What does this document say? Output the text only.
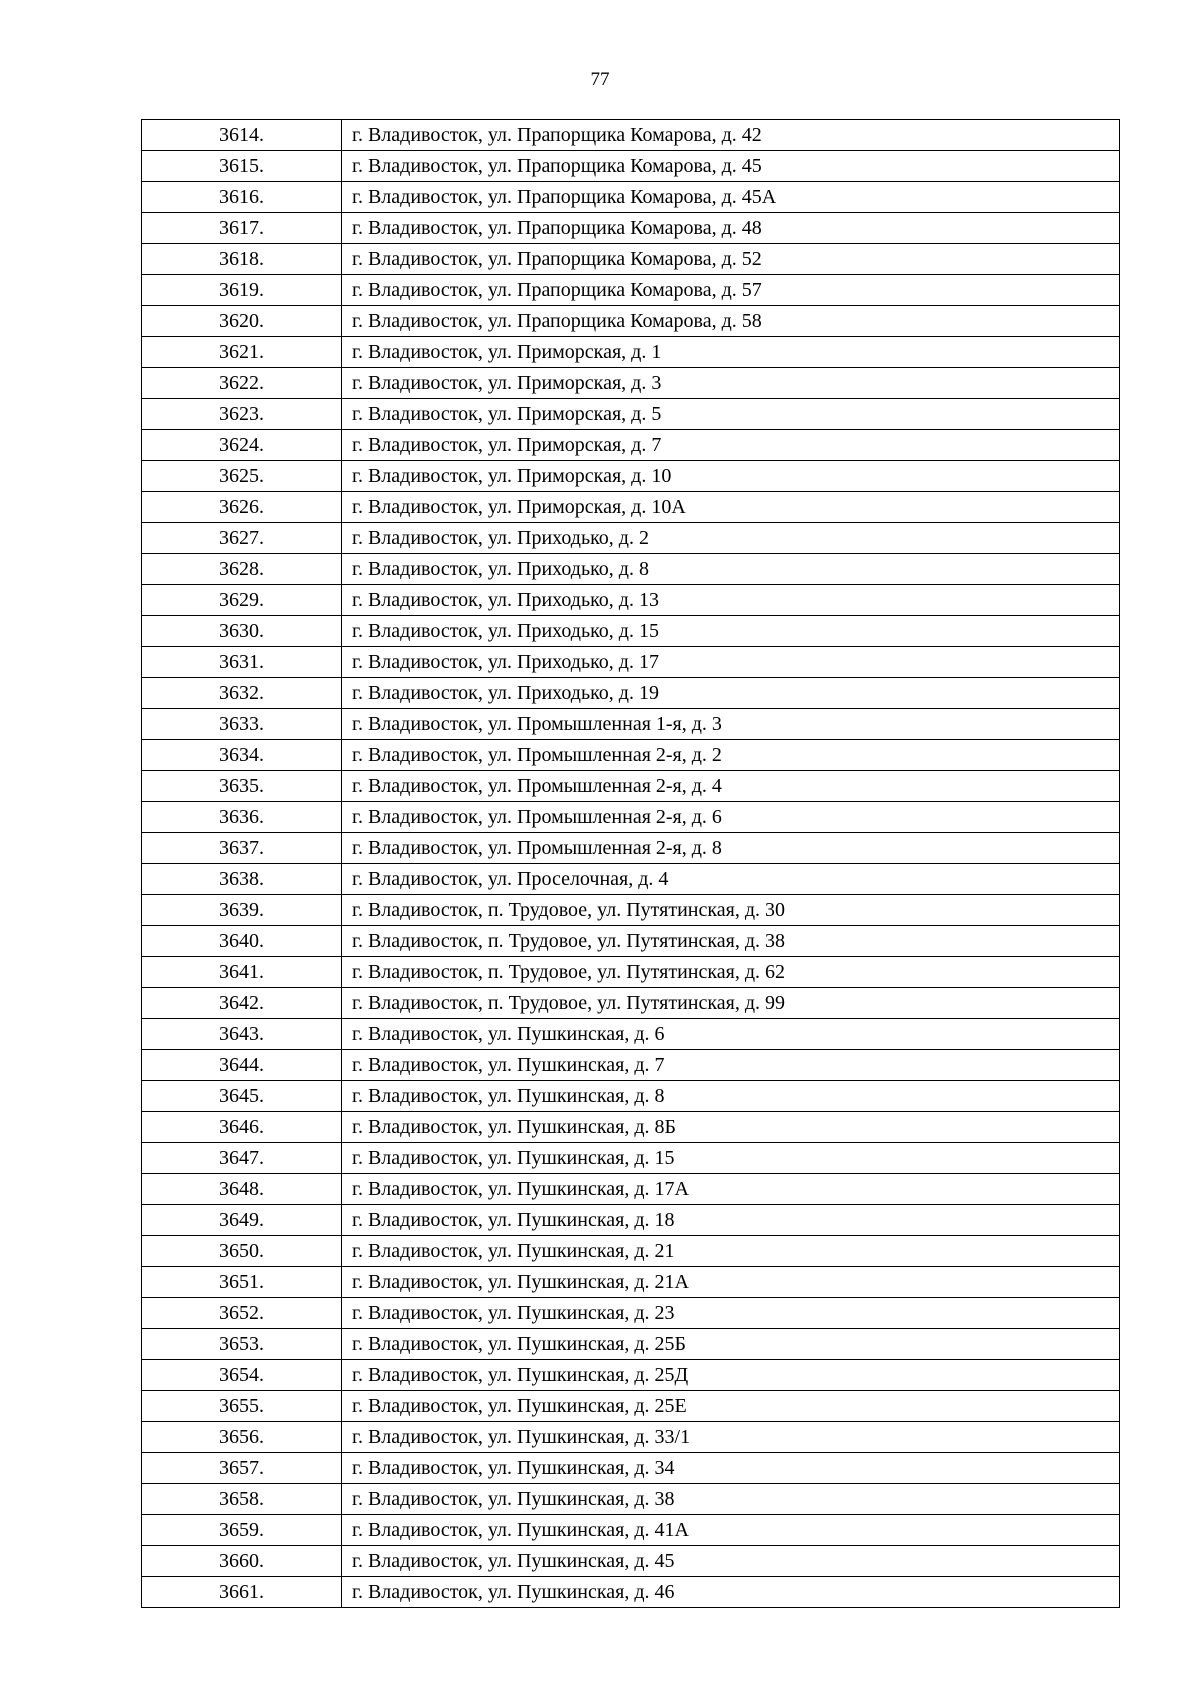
77
3614.	г. Владивосток, ул. Прапорщика Комарова, д. 42
3615.	г. Владивосток, ул. Прапорщика Комарова, д. 45
3616.	г. Владивосток, ул. Прапорщика Комарова, д. 45А
3617.	г. Владивосток, ул. Прапорщика Комарова, д. 48
3618.	г. Владивосток, ул. Прапорщика Комарова, д. 52
3619.	г. Владивосток, ул. Прапорщика Комарова, д. 57
3620.	г. Владивосток, ул. Прапорщика Комарова, д. 58
3621.	г. Владивосток, ул. Приморская, д. 1
3622.	г. Владивосток, ул. Приморская, д. 3
3623.	г. Владивосток, ул. Приморская, д. 5
3624.	г. Владивосток, ул. Приморская, д. 7
3625.	г. Владивосток, ул. Приморская, д. 10
3626.	г. Владивосток, ул. Приморская, д. 10А
3627.	г. Владивосток, ул. Приходько, д. 2
3628.	г. Владивосток, ул. Приходько, д. 8
3629.	г. Владивосток, ул. Приходько, д. 13
3630.	г. Владивосток, ул. Приходько, д. 15
3631.	г. Владивосток, ул. Приходько, д. 17
3632.	г. Владивосток, ул. Приходько, д. 19
3633.	г. Владивосток, ул. Промышленная 1-я, д. 3
3634.	г. Владивосток, ул. Промышленная 2-я, д. 2
3635.	г. Владивосток, ул. Промышленная 2-я, д. 4
3636.	г. Владивосток, ул. Промышленная 2-я, д. 6
3637.	г. Владивосток, ул. Промышленная 2-я, д. 8
3638.	г. Владивосток, ул. Проселочная, д. 4
3639.	г. Владивосток, п. Трудовое, ул. Путятинская, д. 30
3640.	г. Владивосток, п. Трудовое, ул. Путятинская, д. 38
3641.	г. Владивосток, п. Трудовое, ул. Путятинская, д. 62
3642.	г. Владивосток, п. Трудовое, ул. Путятинская, д. 99
3643.	г. Владивосток, ул. Пушкинская, д. 6
3644.	г. Владивосток, ул. Пушкинская, д. 7
3645.	г. Владивосток, ул. Пушкинская, д. 8
3646.	г. Владивосток, ул. Пушкинская, д. 8Б
3647.	г. Владивосток, ул. Пушкинская, д. 15
3648.	г. Владивосток, ул. Пушкинская, д. 17А
3649.	г. Владивосток, ул. Пушкинская, д. 18
3650.	г. Владивосток, ул. Пушкинская, д. 21
3651.	г. Владивосток, ул. Пушкинская, д. 21А
3652.	г. Владивосток, ул. Пушкинская, д. 23
3653.	г. Владивосток, ул. Пушкинская, д. 25Б
3654.	г. Владивосток, ул. Пушкинская, д. 25Д
3655.	г. Владивосток, ул. Пушкинская, д. 25Е
3656.	г. Владивосток, ул. Пушкинская, д. 33/1
3657.	г. Владивосток, ул. Пушкинская, д. 34
3658.	г. Владивосток, ул. Пушкинская, д. 38
3659.	г. Владивосток, ул. Пушкинская, д. 41А
3660.	г. Владивосток, ул. Пушкинская, д. 45
3661.	г. Владивосток, ул. Пушкинская, д. 46
